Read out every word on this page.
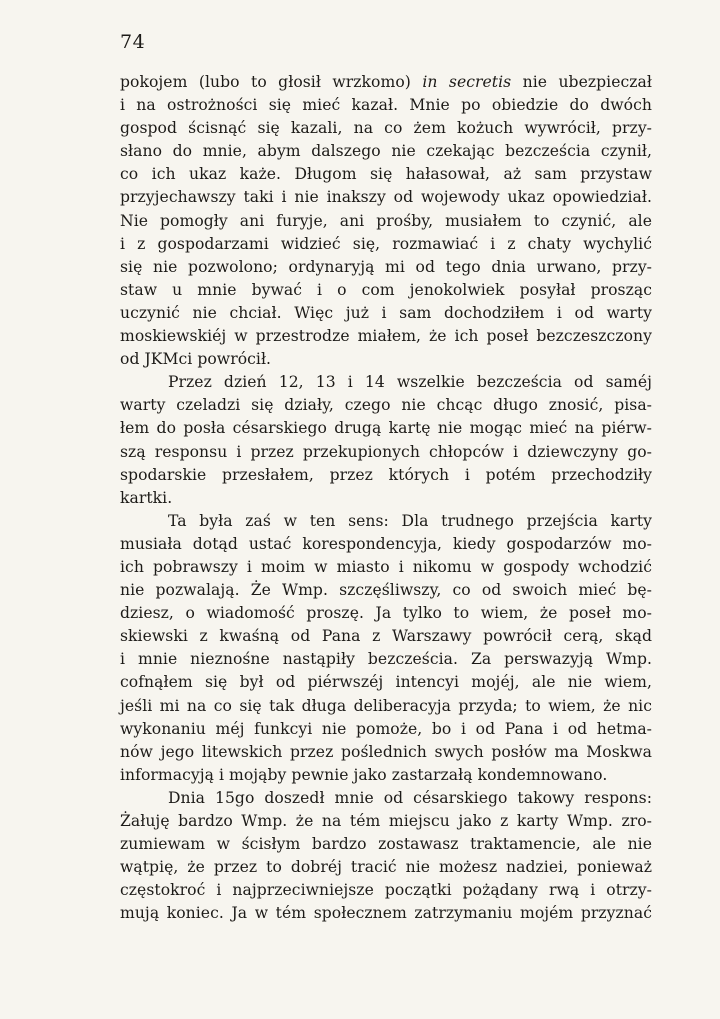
74
pokojem (lubo to głosił wrzkomo) in secretis nie ubezpieczał
i na ostrożności się mieć kazał. Mnie po obiedzie do dwóch
gospod ścisnąć się kazali, na co żem kożuch wywrócił, przy-
słano do mnie, abym dalszego nie czekając bezcześcia czynił,
co ich ukaz każe. Długom się hałasował, aż sam przystaw
przyjechawszy taki i nie inakszy od wojewody ukaz opowiedział.
Nie pomogły ani furyje, ani prośby, musiałem to czynić, ale
i z gospodarzami widzieć się, rozmawiać i z chaty wychylić
się nie pozwolono; ordynaryją mi od tego dnia urwano, przy-
staw u mnie bywać i o com jenokolwiek posyłał prosząc
uczynić nie chciał. Więc już i sam dochodziłem i od warty
moskiewskiéj w przestrodze miałem, że ich poseł bezczeszczony
od JKMci powrócił.
Przez dzień 12, 13 i 14 wszelkie bezcześcia od saméj
warty czeladzi się działy, czego nie chcąc długo znosić, pisa-
łem do posła césarskiego drugą kartę nie mogąc mieć na piérw-
szą responsu i przez przekupionych chłopców i dziewczyny go-
spodarskie przesłałem, przez których i potém przechodziły
kartki.
Ta była zaś w ten sens: Dla trudnego przejścia karty
musiała dotąd ustać korespondencyja, kiedy gospodarzów mo-
ich pobrawszy i moim w miasto i nikomu w gospody wchodzić
nie pozwalają. Że Wmp. szczęśliwszy, co od swoich mieć bę-
dziesz, o wiadomość proszę. Ja tylko to wiem, że poseł mo-
skiewski z kwaśną od Pana z Warszawy powrócił cerą, skąd
i mnie nieznośne nastąpiły bezcześcia. Za perswazyją Wmp.
cofnąłem się był od piérwszéj intencyi mojéj, ale nie wiem,
jeśli mi na co się tak długa deliberacyja przyda; to wiem, że nic
wykonaniu méj funkcyi nie pomoże, bo i od Pana i od hetma-
nów jego litewskich przez poślednich swych posłów ma Moskwa
informacyją i mojąby pewnie jako zastarzałą kondemnowano.
Dnia 15go doszedł mnie od césarskiego takowy respons:
Żałuję bardzo Wmp. że na tém miejscu jako z karty Wmp. zro-
zumiewam w ścisłym bardzo zostawasz traktamencie, ale nie
wątpię, że przez to dobréj tracić nie możesz nadziei, ponieważ
częstokroć i najprzeciwniejsze początki pożądany rwą i otrzy-
mują koniec. Ja w tém społecznem zatrzymaniu mojém przyznać
